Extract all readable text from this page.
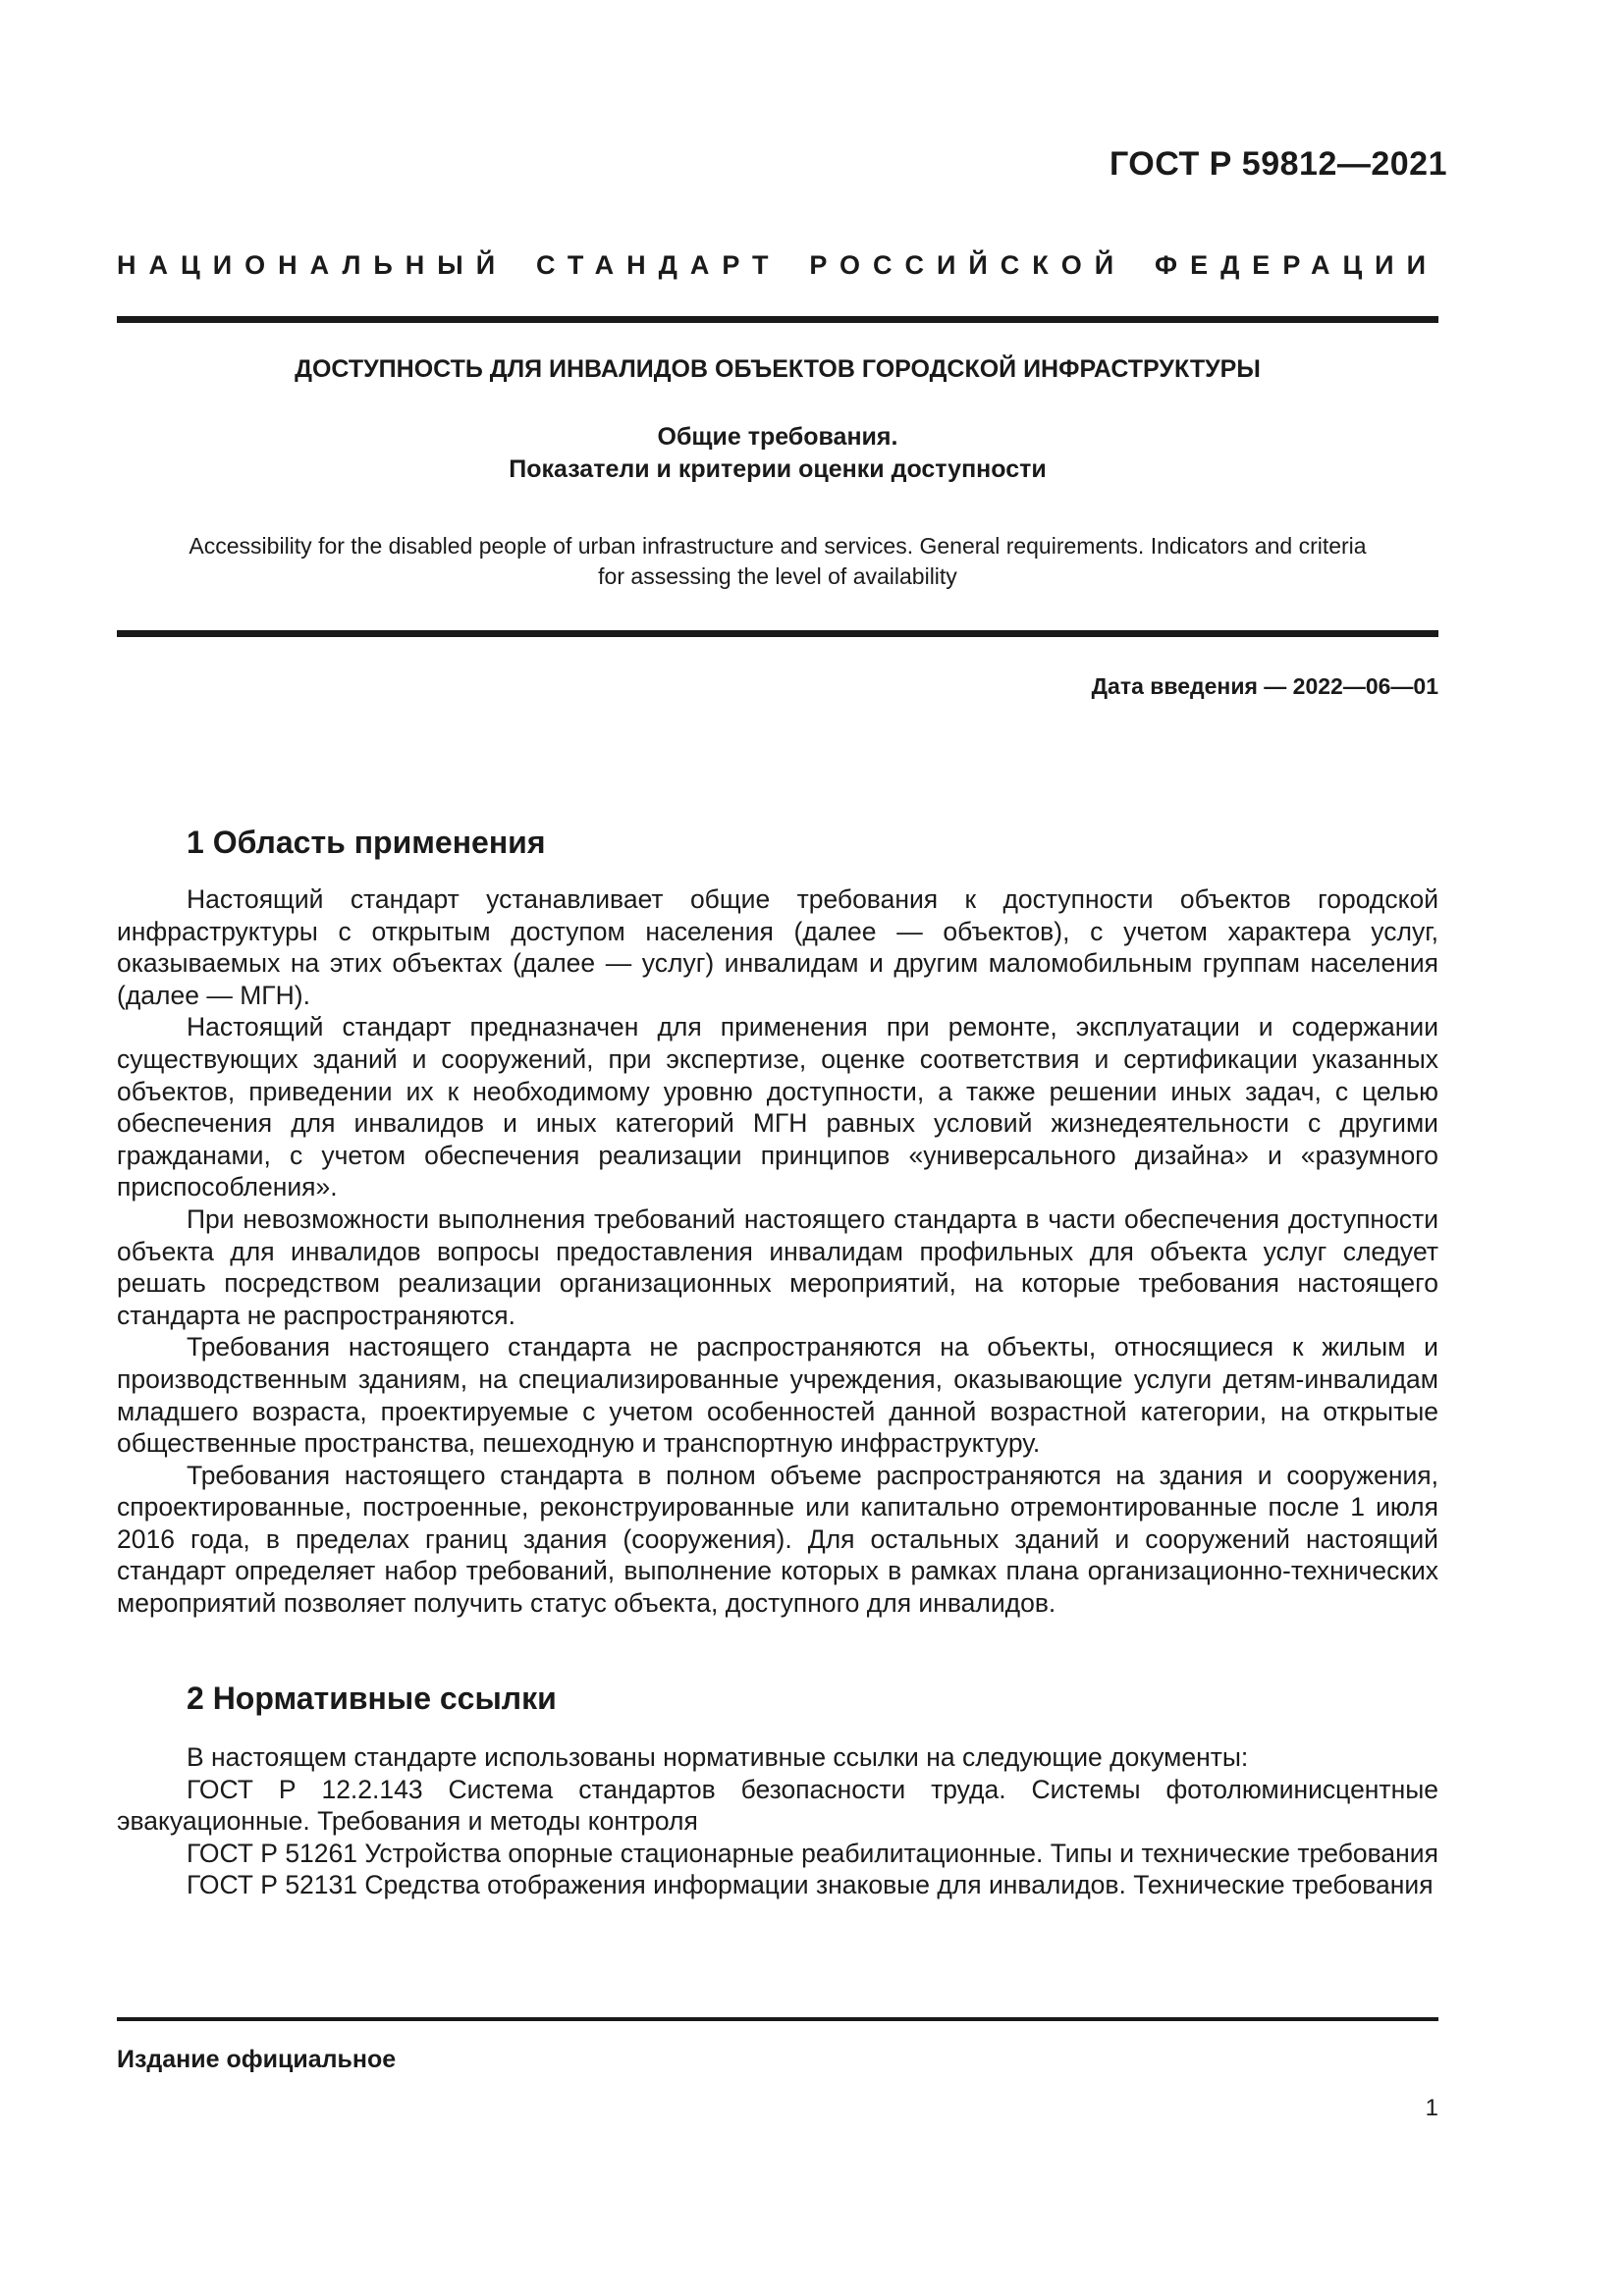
ГОСТ Р 59812—2021
НАЦИОНАЛЬНЫЙ СТАНДАРТ РОССИЙСКОЙ ФЕДЕРАЦИИ
ДОСТУПНОСТЬ ДЛЯ ИНВАЛИДОВ ОБЪЕКТОВ ГОРОДСКОЙ ИНФРАСТРУКТУРЫ
Общие требования.
Показатели и критерии оценки доступности
Accessibility for the disabled people of urban infrastructure and services. General requirements. Indicators and criteria
for assessing the level of availability
Дата введения — 2022—06—01
1 Область применения

Настоящий стандарт устанавливает общие требования к доступности объектов городской инфраструктуры с открытым доступом населения (далее — объектов), с учетом характера услуг, оказываемых на этих объектах (далее — услуг) инвалидам и другим маломобильным группам населения (далее — МГН).

Настоящий стандарт предназначен для применения при ремонте, эксплуатации и содержании существующих зданий и сооружений, при экспертизе, оценке соответствия и сертификации указанных объектов, приведении их к необходимому уровню доступности, а также решении иных задач, с целью обеспечения для инвалидов и иных категорий МГН равных условий жизнедеятельности с другими гражданами, с учетом обеспечения реализации принципов «универсального дизайна» и «разумного приспособления».

При невозможности выполнения требований настоящего стандарта в части обеспечения доступности объекта для инвалидов вопросы предоставления инвалидам профильных для объекта услуг следует решать посредством реализации организационных мероприятий, на которые требования настоящего стандарта не распространяются.

Требования настоящего стандарта не распространяются на объекты, относящиеся к жилым и производственным зданиям, на специализированные учреждения, оказывающие услуги детям-инвалидам младшего возраста, проектируемые с учетом особенностей данной возрастной категории, на открытые общественные пространства, пешеходную и транспортную инфраструктуру.

Требования настоящего стандарта в полном объеме распространяются на здания и сооружения, спроектированные, построенные, реконструированные или капитально отремонтированные после 1 июля 2016 года, в пределах границ здания (сооружения). Для остальных зданий и сооружений настоящий стандарт определяет набор требований, выполнение которых в рамках плана организационно-технических мероприятий позволяет получить статус объекта, доступного для инвалидов.

2 Нормативные ссылки

В настоящем стандарте использованы нормативные ссылки на следующие документы:

ГОСТ Р 12.2.143 Система стандартов безопасности труда. Системы фотолюминисцентные эвакуационные. Требования и методы контроля

ГОСТ Р 51261 Устройства опорные стационарные реабилитационные. Типы и технические требования

ГОСТ Р 52131 Средства отображения информации знаковые для инвалидов. Технические требования

Издание официальное
1
